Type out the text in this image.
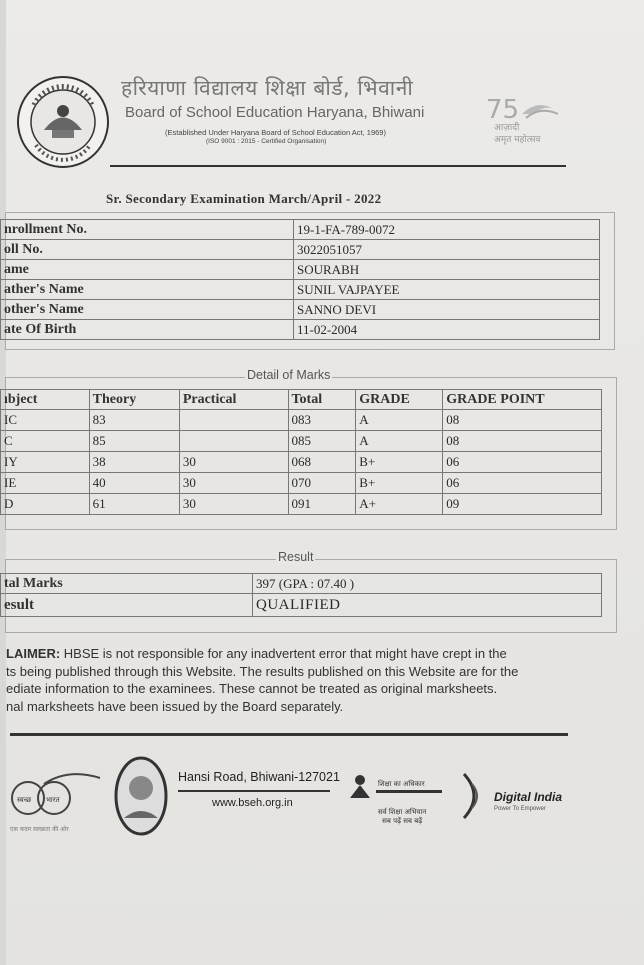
हरियाणा विद्यालय शिक्षा बोर्ड, भिवानी
Board of School Education Haryana, Bhiwani
(Established Under Haryana Board of School Education Act, 1969)
(ISO 9001 : 2015 - Certified Organisation)
75
आज़ादी
अमृत महोत्सव
Sr. Secondary Examination March/April - 2022
nrollment No.	19-1-FA-789-0072
oll No.	3022051057
ame	SOURABH
ather's Name	SUNIL VAJPAYEE
other's Name	SANNO DEVI
ate Of Birth	11-02-2004
Detail of Marks
ıbject	Theory	Practical	Total	GRADE	GRADE POINT
IC	83		083	A	08
C	85		085	A	08
IY	38	30	068	B+	06
IE	40	30	070	B+	06
D	61	30	091	A+	09
Result
tal Marks	397 (GPA : 07.40 )
esult	QUALIFIED
LAIMER: HBSE is not responsible for any inadvertent error that might have crept in the
ts being published through this Website. The results published on this Website are for the
ediate information to the examinees. These cannot be treated as original marksheets.
nal marksheets have been issued by the Board separately.
स्वच्छ भारत
एक कदम स्वच्छता की ओर
Hansi Road, Bhiwani-127021
www.bseh.org.in
शिक्षा का अधिकार
सर्व शिक्षा अभियान
सब पढ़ें सब बढ़ें
Digital India
Power To Empower
